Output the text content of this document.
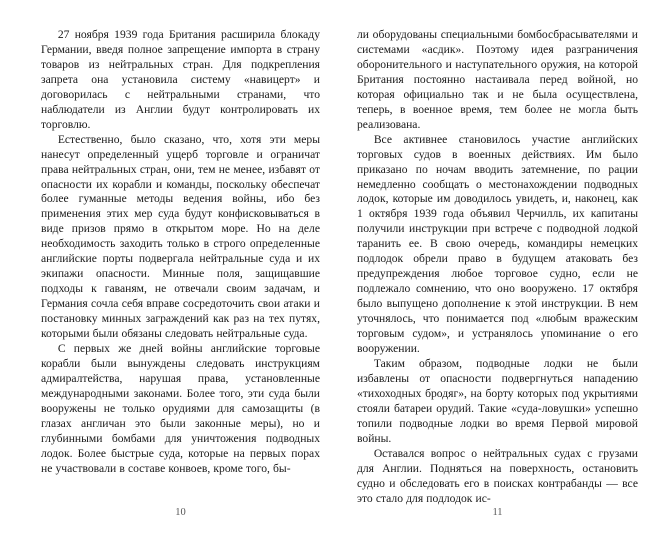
27 ноября 1939 года Британия расширила блокаду Германии, введя полное запрещение импорта в страну товаров из нейтральных стран. Для подкрепления запрета она установила систему «навицерт» и договорилась с нейтральными странами, что наблюдатели из Англии будут контролировать их торговлю.

Естественно, было сказано, что, хотя эти меры нанесут определенный ущерб торговле и ограничат права нейтральных стран, они, тем не менее, избавят от опасности их корабли и команды, поскольку обеспечат более гуманные методы ведения войны, ибо без применения этих мер суда будут конфисковываться в виде призов прямо в открытом море. Но на деле необходимость заходить только в строго определенные английские порты подвергала нейтральные суда и их экипажи опасности. Минные поля, защищавшие подходы к гаваням, не отвечали своим задачам, и Германия сочла себя вправе сосредоточить свои атаки и постановку минных заграждений как раз на тех путях, которыми были обязаны следовать нейтральные суда.

С первых же дней войны английские торговые корабли были вынуждены следовать инструкциям адмиралтейства, нарушая права, установленные международными законами. Более того, эти суда были вооружены не только орудиями для самозащиты (в глазах англичан это были законные меры), но и глубинными бомбами для уничтожения подводных лодок. Более быстрые суда, которые на первых порах не участвовали в составе конвоев, кроме того, бы-

10

ли оборудованы специальными бомбосбрасывателями и системами «асдик». Поэтому идея разграничения оборонительного и наступательного оружия, на которой Британия постоянно настаивала перед войной, но которая официально так и не была осуществлена, теперь, в военное время, тем более не могла быть реализована.

Все активнее становилось участие английских торговых судов в военных действиях. Им было приказано по ночам вводить затемнение, по рации немедленно сообщать о местонахождении подводных лодок, которые им доводилось увидеть, и, наконец, как 1 октября 1939 года объявил Черчилль, их капитаны получили инструкции при встрече с подводной лодкой таранить ее. В свою очередь, командиры немецких подлодок обрели право в будущем атаковать без предупреждения любое торговое судно, если не подлежало сомнению, что оно вооружено. 17 октября было выпущено дополнение к этой инструкции. В нем уточнялось, что понимается под «любым вражеским торговым судом», и устранялось упоминание о его вооружении.

Таким образом, подводные лодки не были избавлены от опасности подвергнуться нападению «тихоходных бродяг», на борту которых под укрытиями стояли батареи орудий. Такие «суда-ловушки» успешно топили подводные лодки во время Первой мировой войны.

Оставался вопрос о нейтральных судах с грузами для Англии. Подняться на поверхность, остановить судно и обследовать его в поисках контрабанды — все это стало для подлодок ис-

11
